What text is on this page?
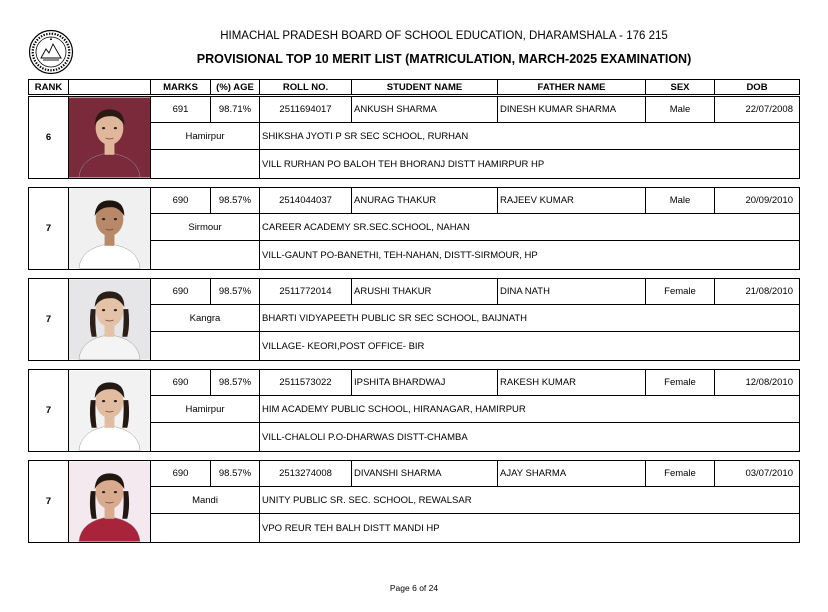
HIMACHAL PRADESH BOARD OF SCHOOL EDUCATION, DHARAMSHALA - 176 215
PROVISIONAL TOP 10 MERIT LIST (MATRICULATION, MARCH-2025 EXAMINATION)
RANK	MARKS	(%) AGE	ROLL NO.	STUDENT NAME	FATHER NAME	SEX	DOB
6
691	98.71%	2511694017	ANKUSH SHARMA	DINESH KUMAR SHARMA	Male	22/07/2008
Hamirpur	SHIKSHA JYOTI P SR SEC SCHOOL, RURHAN
VILL RURHAN PO BALOH TEH BHORANJ DISTT HAMIRPUR HP
7
690	98.57%	2514044037	ANURAG THAKUR	RAJEEV KUMAR	Male	20/09/2010
Sirmour	CAREER ACADEMY SR.SEC.SCHOOL, NAHAN
VILL-GAUNT PO-BANETHI, TEH-NAHAN, DISTT-SIRMOUR, HP
7
690	98.57%	2511772014	ARUSHI THAKUR	DINA NATH	Female	21/08/2010
Kangra	BHARTI VIDYAPEETH PUBLIC SR SEC SCHOOL, BAIJNATH
VILLAGE- KEORI,POST OFFICE- BIR
7
690	98.57%	2511573022	IPSHITA BHARDWAJ	RAKESH KUMAR	Female	12/08/2010
Hamirpur	HIM ACADEMY PUBLIC SCHOOL, HIRANAGAR, HAMIRPUR
VILL-CHALOLI P.O-DHARWAS DISTT-CHAMBA
7
690	98.57%	2513274008	DIVANSHI SHARMA	AJAY SHARMA	Female	03/07/2010
Mandi	UNITY PUBLIC SR. SEC. SCHOOL, REWALSAR
VPO REUR TEH BALH DISTT MANDI HP
Page 6 of 24
